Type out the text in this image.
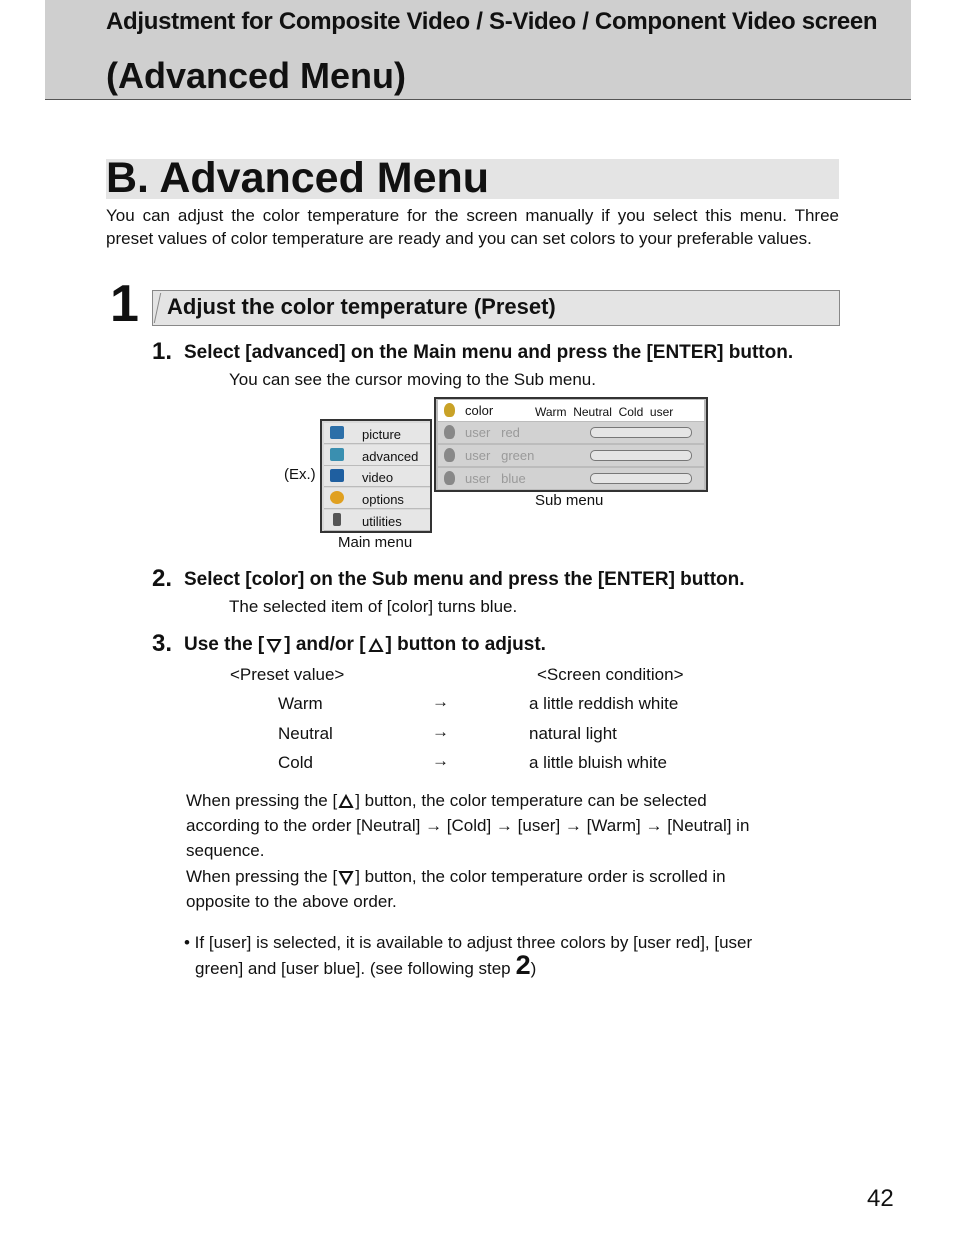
Adjustment for Composite Video / S-Video / Component Video screen
(Advanced Menu)
B. Advanced Menu
You can adjust the color temperature for the screen manually if you select this menu. Three preset values of color temperature are ready and you can set colors to your preferable values.
1 Adjust the color temperature (Preset)
1. Select [advanced] on the Main menu and press the [ENTER] button.
You can see the cursor moving to the Sub menu.
(Ex.)
picture
advanced
video
options
utilities
Main menu
color	Warm  Neutral  Cold  user
user   red
user   green
user   blue
Sub menu
2. Select [color] on the Sub menu and press the [ENTER] button.
The selected item of [color] turns blue.
3. Use the [ ] and/or [ ] button to adjust.
<Preset value>	<Screen condition>
Warm	→	a little reddish white
Neutral	→	natural light
Cold	→	a little bluish white
When pressing the [ ] button, the color temperature can be selected
according to the order [Neutral] → [Cold] → [user] → [Warm] → [Neutral] in
sequence.
When pressing the [ ] button, the color temperature order is scrolled in
opposite to the above order.
• If [user] is selected, it is available to adjust three colors by [user red], [user
green] and [user blue]. (see following step 2 )
42
